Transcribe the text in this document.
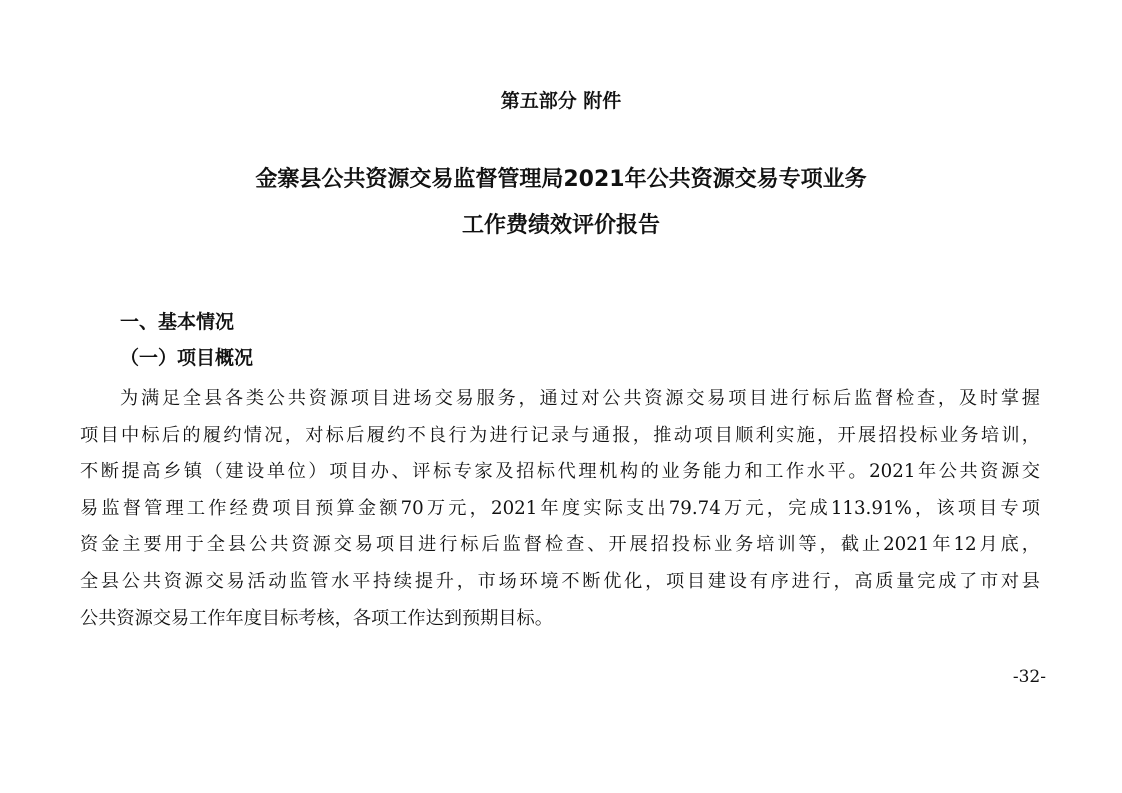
第五部分 附件
金寨县公共资源交易监督管理局2021年公共资源交易专项业务
工作费绩效评价报告
一、基本情况
（一）项目概况
为满足全县各类公共资源项目进场交易服务，通过对公共资源交易项目进行标后监督检查，及时掌握
项目中标后的履约情况，对标后履约不良行为进行记录与通报，推动项目顺利实施，开展招投标业务培训，
不断提高乡镇（建设单位）项目办、评标专家及招标代理机构的业务能力和工作水平。2021年公共资源交
易监督管理工作经费项目预算金额70万元，2021年度实际支出79.74万元，完成113.91%，该项目专项
资金主要用于全县公共资源交易项目进行标后监督检查、开展招投标业务培训等，截止2021年12月底，
全县公共资源交易活动监管水平持续提升，市场环境不断优化，项目建设有序进行，高质量完成了市对县
公共资源交易工作年度目标考核，各项工作达到预期目标。
-32-
